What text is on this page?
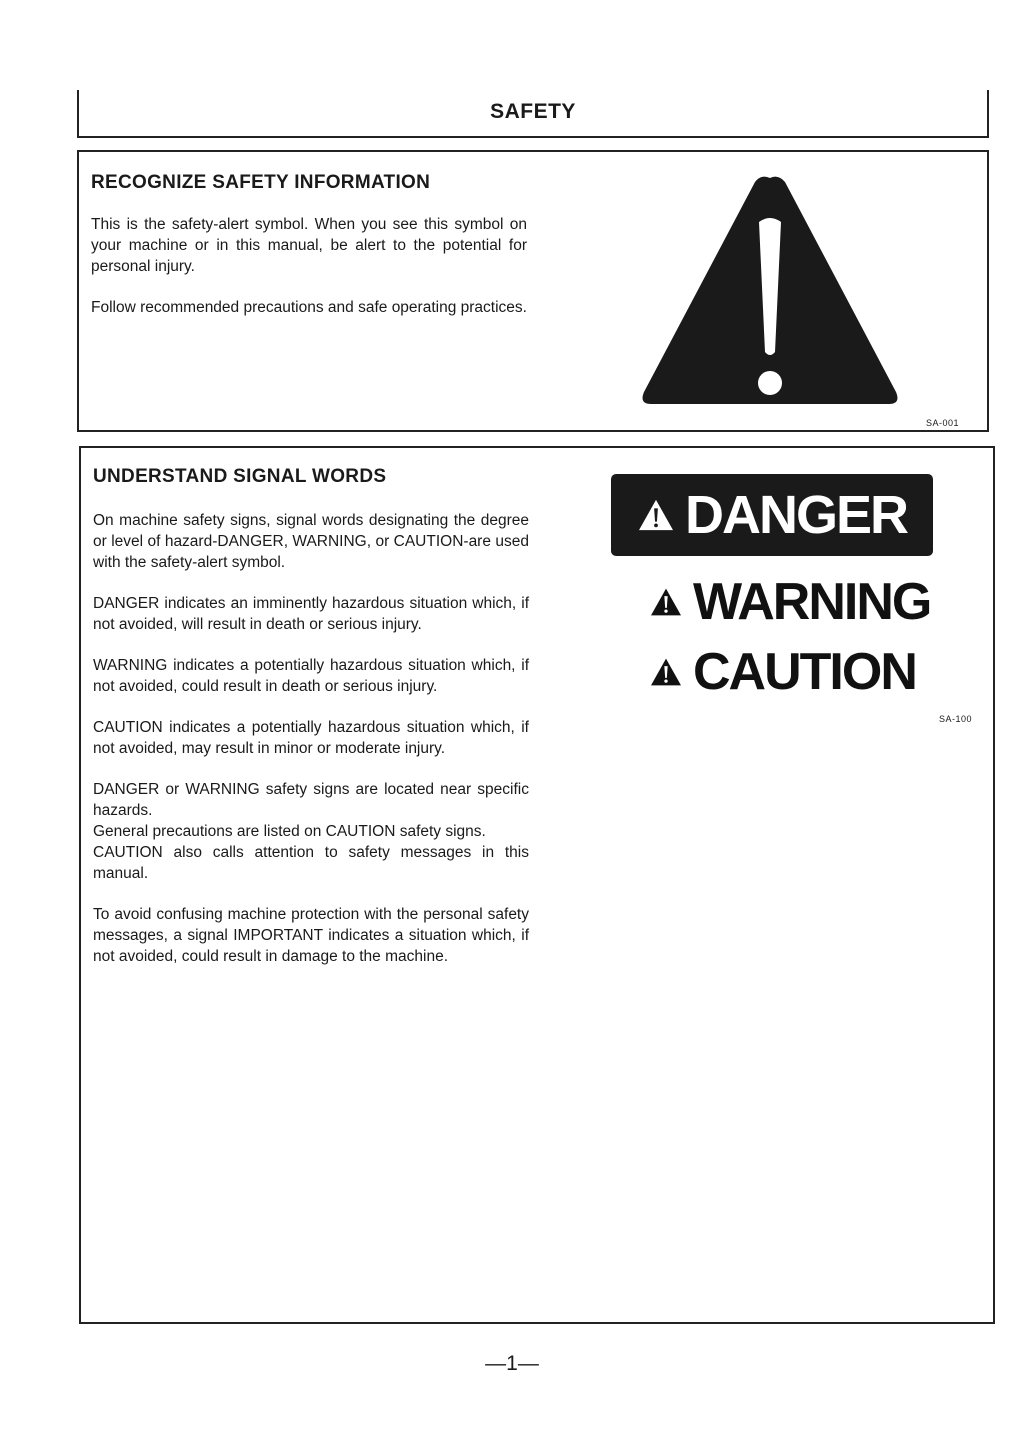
SAFETY
RECOGNIZE SAFETY INFORMATION

This is the safety-alert symbol. When you see this symbol on your machine or in this manual, be alert to the potential for personal injury.

Follow recommended precautions and safe operating practices.

SA-001
UNDERSTAND SIGNAL WORDS

On machine safety signs, signal words designating the degree or level of hazard-DANGER, WARNING, or CAUTION-are used with the safety-alert symbol.

DANGER indicates an imminently hazardous situation which, if not avoided, will result in death or serious injury.

WARNING indicates a potentially hazardous situation which, if not avoided, could result in death or serious injury.

CAUTION indicates a potentially hazardous situation which, if not avoided, may result in minor or moderate injury.

DANGER or WARNING safety signs are located near specific hazards.

General precautions are listed on CAUTION safety signs.

CAUTION also calls attention to safety messages in this manual.

To avoid confusing machine protection with the personal safety messages, a signal IMPORTANT indicates a situation which, if not avoided, could result in damage to the machine.

DANGER
WARNING
CAUTION
SA-100
—1—
